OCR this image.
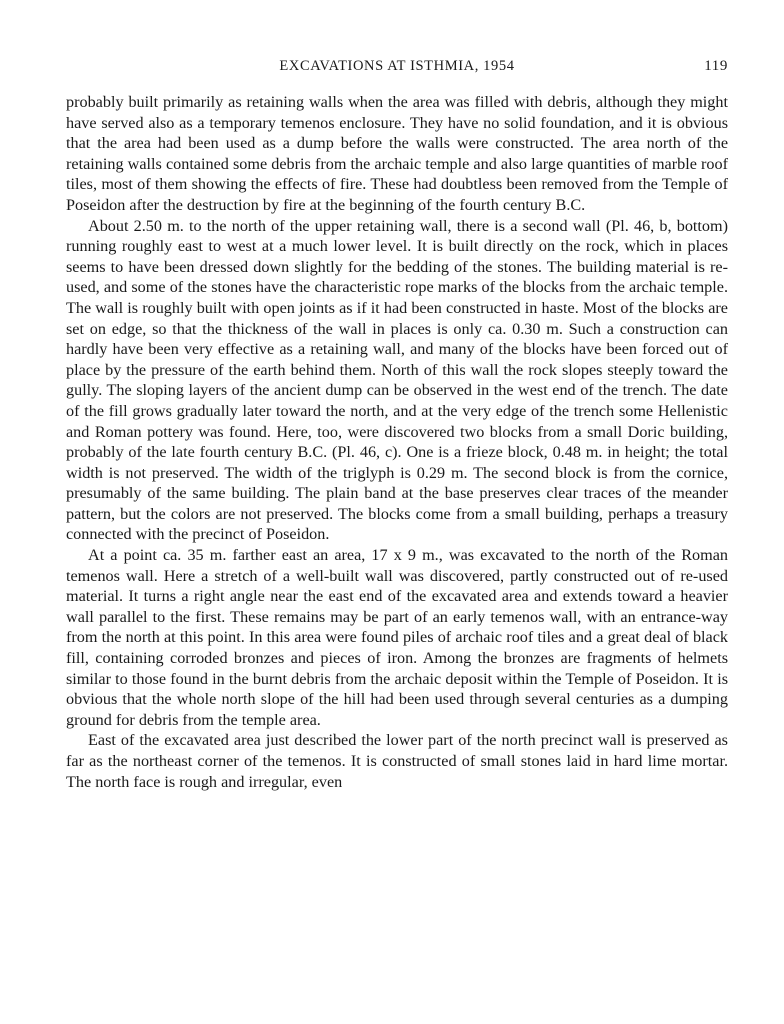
EXCAVATIONS AT ISTHMIA, 1954	119

probably built primarily as retaining walls when the area was filled with debris, although they might have served also as a temporary temenos enclosure. They have no solid foundation, and it is obvious that the area had been used as a dump before the walls were constructed. The area north of the retaining walls contained some debris from the archaic temple and also large quantities of marble roof tiles, most of them showing the effects of fire. These had doubtless been removed from the Temple of Poseidon after the destruction by fire at the beginning of the fourth century B.C.

About 2.50 m. to the north of the upper retaining wall, there is a second wall (Pl. 46, b, bottom) running roughly east to west at a much lower level. It is built directly on the rock, which in places seems to have been dressed down slightly for the bedding of the stones. The building material is re-used, and some of the stones have the characteristic rope marks of the blocks from the archaic temple. The wall is roughly built with open joints as if it had been constructed in haste. Most of the blocks are set on edge, so that the thickness of the wall in places is only ca. 0.30 m. Such a construction can hardly have been very effective as a retaining wall, and many of the blocks have been forced out of place by the pressure of the earth behind them. North of this wall the rock slopes steeply toward the gully. The sloping layers of the ancient dump can be observed in the west end of the trench. The date of the fill grows gradually later toward the north, and at the very edge of the trench some Hellenistic and Roman pottery was found. Here, too, were discovered two blocks from a small Doric building, probably of the late fourth century B.C. (Pl. 46, c). One is a frieze block, 0.48 m. in height; the total width is not preserved. The width of the triglyph is 0.29 m. The second block is from the cornice, presumably of the same building. The plain band at the base preserves clear traces of the meander pattern, but the colors are not preserved. The blocks come from a small building, perhaps a treasury connected with the precinct of Poseidon.

At a point ca. 35 m. farther east an area, 17 x 9 m., was excavated to the north of the Roman temenos wall. Here a stretch of a well-built wall was discovered, partly constructed out of re-used material. It turns a right angle near the east end of the excavated area and extends toward a heavier wall parallel to the first. These remains may be part of an early temenos wall, with an entrance-way from the north at this point. In this area were found piles of archaic roof tiles and a great deal of black fill, containing corroded bronzes and pieces of iron. Among the bronzes are fragments of helmets similar to those found in the burnt debris from the archaic deposit within the Temple of Poseidon. It is obvious that the whole north slope of the hill had been used through several centuries as a dumping ground for debris from the temple area.

East of the excavated area just described the lower part of the north precinct wall is preserved as far as the northeast corner of the temenos. It is constructed of small stones laid in hard lime mortar. The north face is rough and irregular, even
